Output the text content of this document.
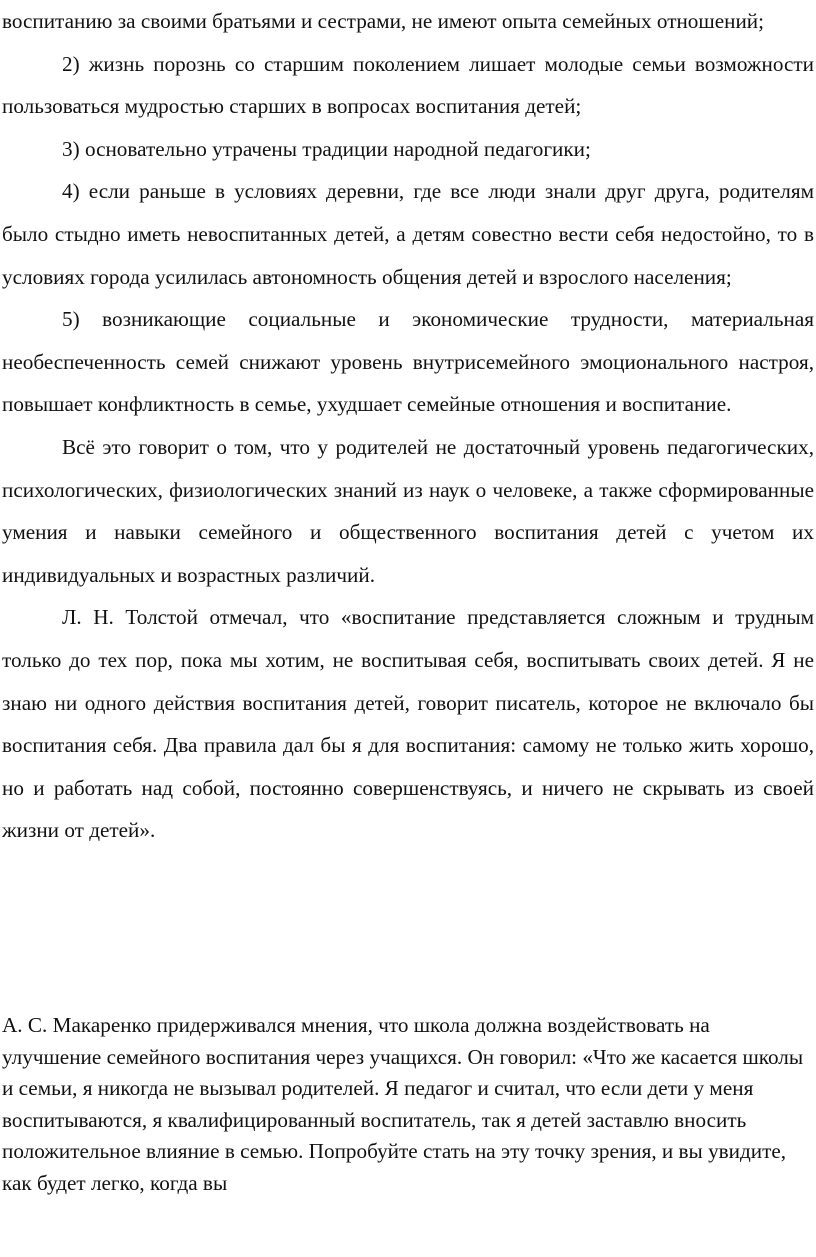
воспитанию за своими братьями и сестрами, не имеют опыта семейных отношений;

2) жизнь порознь со старшим поколением лишает молодые семьи возможности пользоваться мудростью старших в вопросах воспитания детей;

3) основательно утрачены традиции народной педагогики;

4) если раньше в условиях деревни, где все люди знали друг друга, родителям было стыдно иметь невоспитанных детей, а детям совестно вести себя недостойно, то в условиях города усилилась автономность общения детей и взрослого населения;

5) возникающие социальные и экономические трудности, материальная необеспеченность семей снижают уровень внутрисемейного эмоционального настроя, повышает конфликтность в семье, ухудшает семейные отношения и воспитание.

Всё это говорит о том, что у родителей не достаточный уровень педагогических, психологических, физиологических знаний из наук о человеке, а также сформированные умения и навыки семейного и общественного воспитания детей с учетом их индивидуальных и возрастных различий.

Л. Н. Толстой отмечал, что «воспитание представляется сложным и трудным только до тех пор, пока мы хотим, не воспитывая себя, воспитывать своих детей. Я не знаю ни одного действия воспитания детей, говорит писатель, которое не включало бы воспитания себя. Два правила дал бы я для воспитания: самому не только жить хорошо, но и работать над собой, постоянно совершенствуясь, и ничего не скрывать из своей жизни от детей».

А. С. Макаренко придерживался мнения, что школа должна воздействовать на улучшение семейного воспитания через учащихся. Он говорил: «Что же касается школы и семьи, я никогда не вызывал родителей. Я педагог и считал, что если дети у меня воспитываются, я квалифицированный воспитатель, так я детей заставлю вносить положительное влияние в семью. Попробуйте стать на эту точку зрения, и вы увидите, как будет легко, когда вы
